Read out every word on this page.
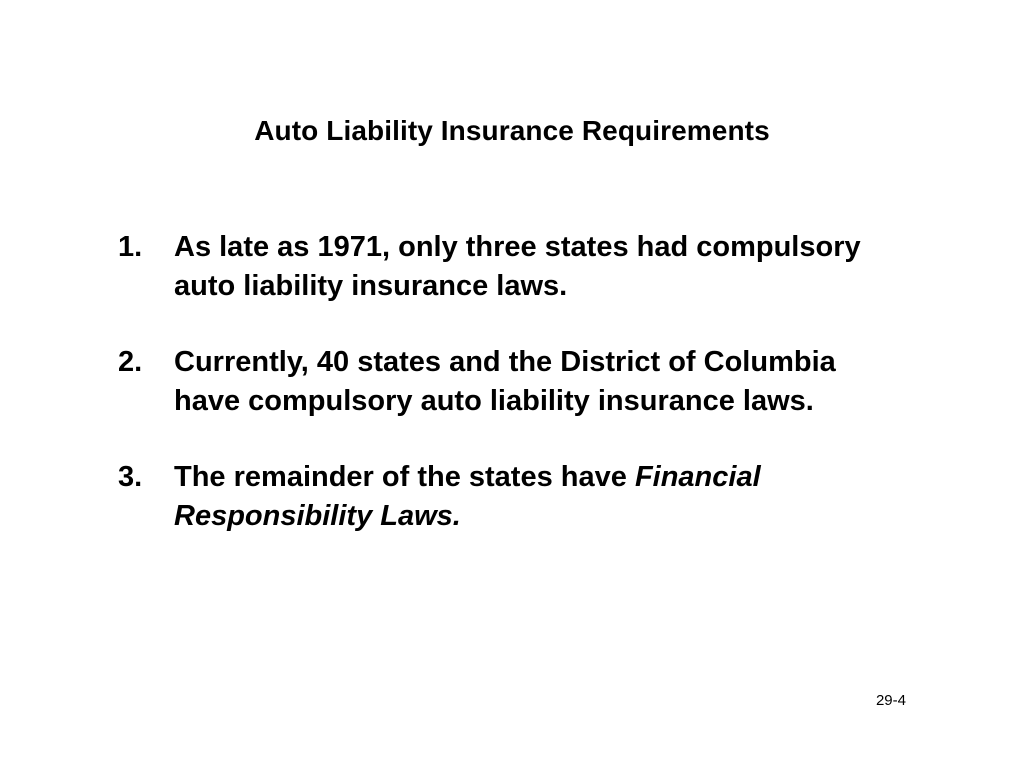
Auto Liability Insurance Requirements
1.	As late as 1971, only three states had compulsory auto liability insurance laws.
2.	Currently, 40 states and the District of Columbia have compulsory auto liability insurance laws.
3.	The remainder of the states have Financial Responsibility Laws.
29-4
